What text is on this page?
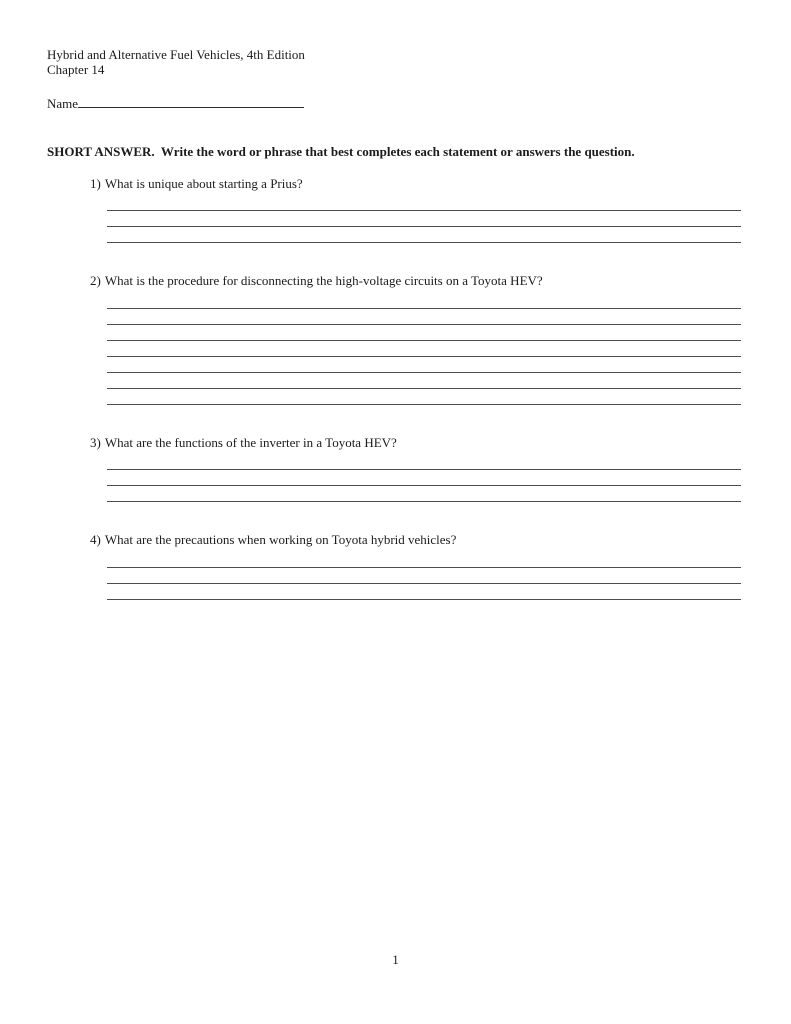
Hybrid and Alternative Fuel Vehicles, 4th Edition
Chapter 14
Name
SHORT ANSWER.  Write the word or phrase that best completes each statement or answers the question.
1) What is unique about starting a Prius?
2) What is the procedure for disconnecting the high-voltage circuits on a Toyota HEV?
3) What are the functions of the inverter in a Toyota HEV?
4) What are the precautions when working on Toyota hybrid vehicles?
1
